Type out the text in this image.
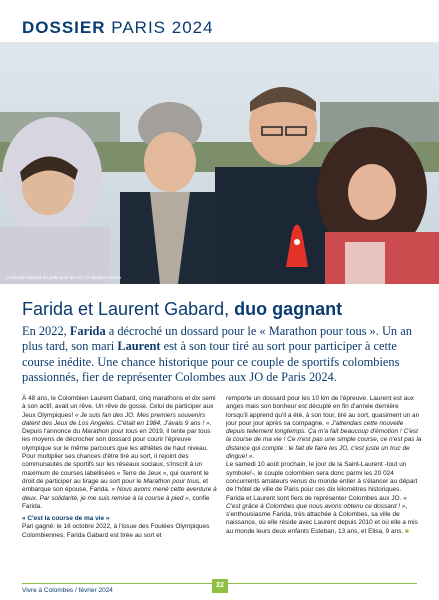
DOSSIER PARIS 2024
La famille Gabard en piste pour les JO ! © Nicolas Viénon
Farida et Laurent Gabard, duo gagnant
En 2022, Farida a décroché un dossard pour le « Marathon pour tous ». Un an plus tard, son mari Laurent est à son tour tiré au sort pour participer à cette course inédite. Une chance historique pour ce couple de sportifs colombiens passionnés, fier de représenter Colombes aux JO de Paris 2024.

À 48 ans, le Colombien Laurent Gabard, cinq marathons et dix semi à son actif, avait un rêve. Un rêve de gosse. Celui de participer aux Jeux Olympiques! « Je suis fan des JO. Mes premiers souvenirs datent des Jeux de Los Angeles. C'était en 1984. J'avais 9 ans ! ». Depuis l'annonce du Marathon pour tous en 2019, il tente par tous les moyens de décrocher son dossard pour courir l'épreuve olympique sur le même parcours que les athlètes de haut niveau. Pour multiplier ses chances d'être tiré au sort, il rejoint des communautés de sportifs sur les réseaux sociaux, s'inscrit à un maximum de courses labellisées « Terre de Jeux », qui ouvrent le droit de participer au tirage au sort pour le Marathon pour tous, et embarque son épouse, Farida. « Nous avons mené cette aventure à deux. Par solidarité, je me suis remise à la course à pied », confie Farida.

« C'est la course de ma vie »

Pari gagné: le 16 octobre 2022, à l'issue des Foulées Olympiques Colombiennes, Farida Gabard est tirée au sort et

remporte un dossard pour les 10 km de l'épreuve. Laurent est aux anges mais son bonheur est décuplé en fin d'année dernière lorsqu'il apprend qu'il a été, à son tour, tiré au sort, quasiment un an jour pour jour après sa compagne. « J'attendais cette nouvelle depuis tellement longtemps. Ça m'a fait beaucoup d'émotion ! C'est la course de ma vie ! Ce n'est pas une simple course, ce n'est pas la distance qui compte : le fait de faire les JO, c'est juste un truc de dingue! ».

Le samedi 10 août prochain, le jour de la Saint-Laurent -tout un symbole!-, le couple colombien sera donc parmi les 20 024 concurrents amateurs venus du monde entier à s'élancer au départ de l'hôtel de ville de Paris pour ces dix kilomètres historiques.

Farida et Laurent sont fiers de représenter Colombes aux JO. « C'est grâce à Colombes que nous avons obtenu ce dossard ! », s'enthousiasme Farida, très attachée à Colombes, sa ville de naissance, où elle réside avec Laurent depuis 2010 et où elle a mis au monde leurs deux enfants Esteban, 13 ans, et Elisa, 9 ans. ■

Vivre à Colombes / février 2024
22
